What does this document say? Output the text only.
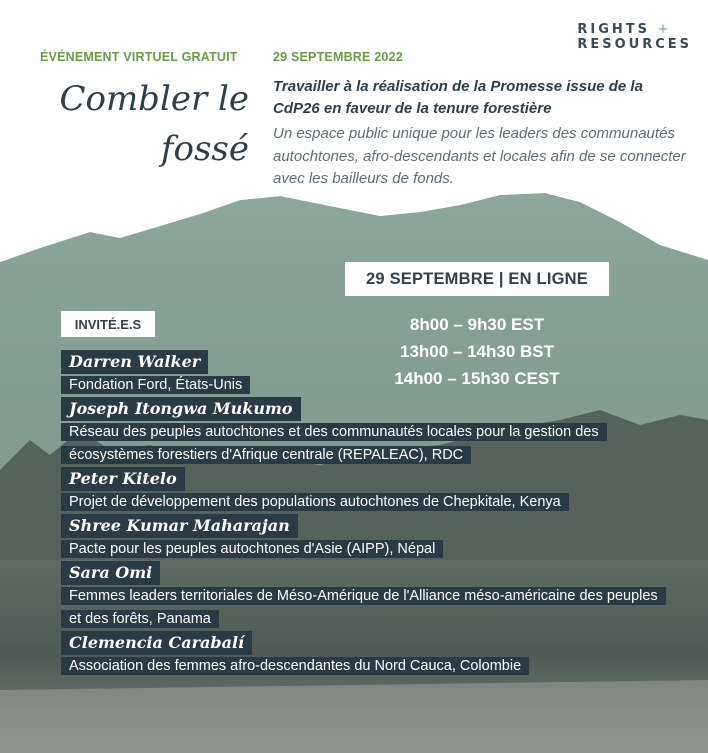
RIGHTS +
RESOURCES
ÉVÉNEMENT VIRTUEL GRATUIT	29 SEPTEMBRE 2022
Combler le
fossé
Travailler à la réalisation de la Promesse issue de la CdP26 en faveur de la tenure forestière
Un espace public unique pour les leaders des communautés autochtones, afro-descendants et locales afin de se connecter avec les bailleurs de fonds.
29 SEPTEMBRE | EN LIGNE
INVITÉ.E.S	8h00 – 9h30 EST
13h00 – 14h30 BST
14h00 – 15h30 CEST
Darren Walker
Fondation Ford, États-Unis
Joseph Itongwa Mukumo
Réseau des peuples autochtones et des communautés locales pour la gestion des écosystèmes forestiers d'Afrique centrale (REPALEAC), RDC
Peter Kitelo
Projet de développement des populations autochtones de Chepkitale, Kenya
Shree Kumar Maharajan
Pacte pour les peuples autochtones d'Asie (AIPP), Népal
Sara Omi
Femmes leaders territoriales de Méso-Amérique de l'Alliance méso-américaine des peuples et des forêts, Panama
Clemencia Carabalí
Association des femmes afro-descendantes du Nord Cauca, Colombie
